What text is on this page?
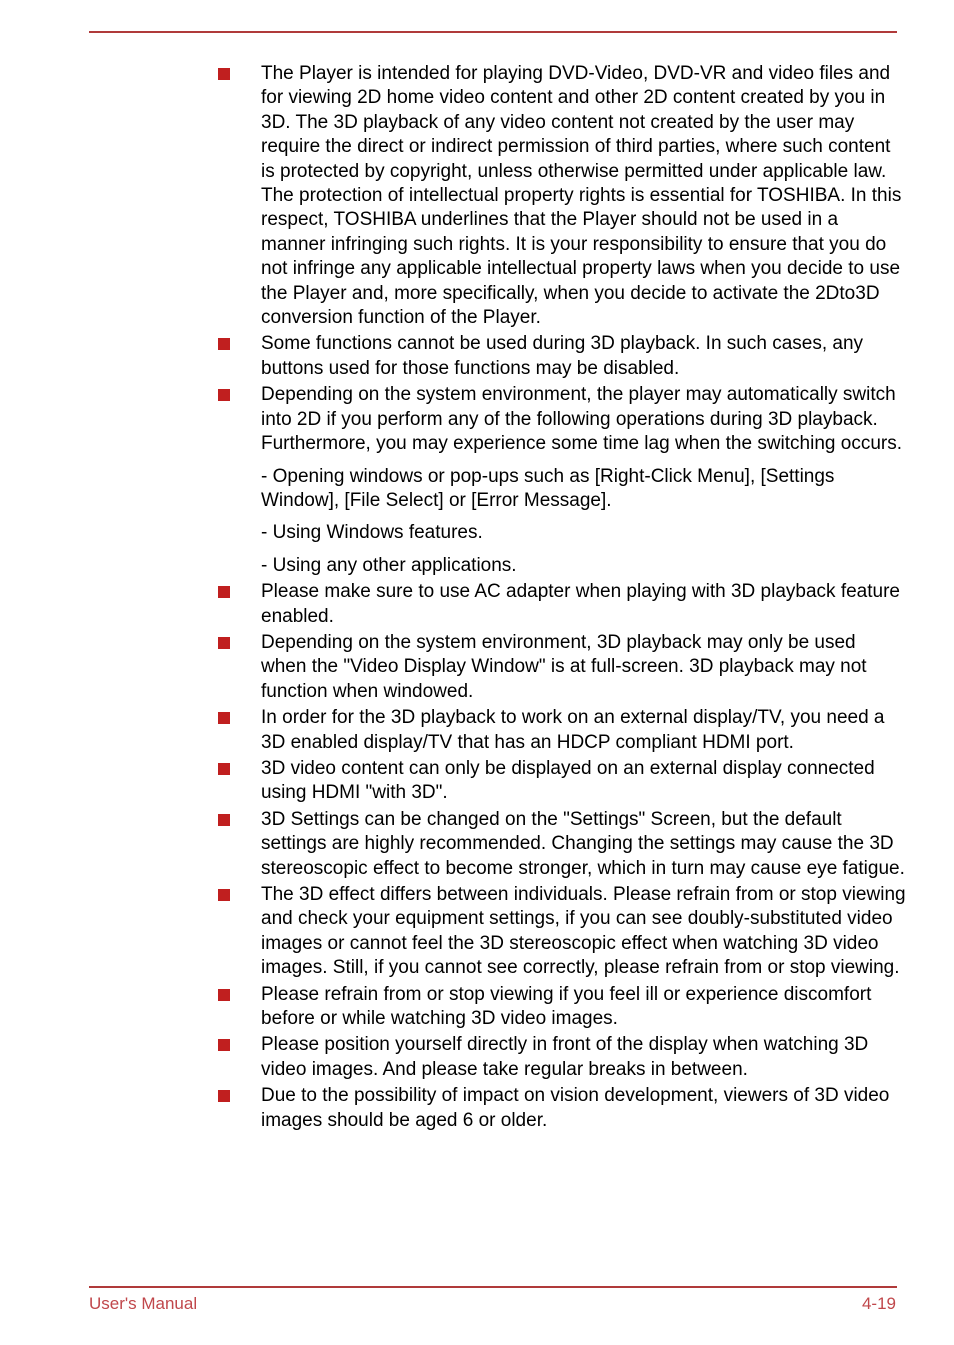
The Player is intended for playing DVD-Video, DVD-VR and video files and for viewing 2D home video content and other 2D content created by you in 3D. The 3D playback of any video content not created by the user may require the direct or indirect permission of third parties, where such content is protected by copyright, unless otherwise permitted under applicable law. The protection of intellectual property rights is essential for TOSHIBA. In this respect, TOSHIBA underlines that the Player should not be used in a manner infringing such rights. It is your responsibility to ensure that you do not infringe any applicable intellectual property laws when you decide to use the Player and, more specifically, when you decide to activate the 2Dto3D conversion function of the Player.
Some functions cannot be used during 3D playback. In such cases, any buttons used for those functions may be disabled.
Depending on the system environment, the player may automatically switch into 2D if you perform any of the following operations during 3D playback. Furthermore, you may experience some time lag when the switching occurs.
- Opening windows or pop-ups such as [Right-Click Menu], [Settings Window], [File Select] or [Error Message].
- Using Windows features.
- Using any other applications.
Please make sure to use AC adapter when playing with 3D playback feature enabled.
Depending on the system environment, 3D playback may only be used when the "Video Display Window" is at full-screen. 3D playback may not function when windowed.
In order for the 3D playback to work on an external display/TV, you need a 3D enabled display/TV that has an HDCP compliant HDMI port.
3D video content can only be displayed on an external display connected using HDMI "with 3D".
3D Settings can be changed on the "Settings" Screen, but the default settings are highly recommended. Changing the settings may cause the 3D stereoscopic effect to become stronger, which in turn may cause eye fatigue.
The 3D effect differs between individuals. Please refrain from or stop viewing and check your equipment settings, if you can see doubly-substituted video images or cannot feel the 3D stereoscopic effect when watching 3D video images. Still, if you cannot see correctly, please refrain from or stop viewing.
Please refrain from or stop viewing if you feel ill or experience discomfort before or while watching 3D video images.
Please position yourself directly in front of the display when watching 3D video images. And please take regular breaks in between.
Due to the possibility of impact on vision development, viewers of 3D video images should be aged 6 or older.
User's Manual	4-19
